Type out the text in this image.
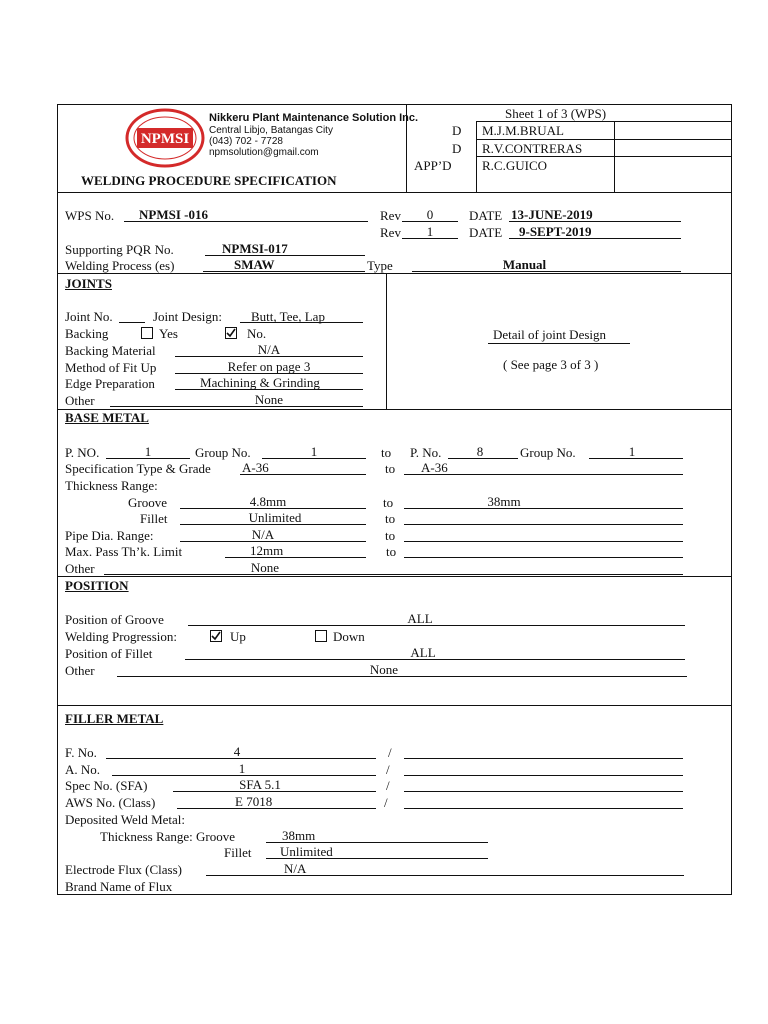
NPMSI
Nikkeru Plant Maintenance Solution Inc.
Central Libjo, Batangas City
(043) 702 - 7728
npmsolution@gmail.com
WELDING PROCEDURE SPECIFICATION
Sheet 1 of 3 (WPS)
D M.J.M.BRUAL
D R.V.CONTRERAS
APP’D R.C.GUICO
WPS No. NPMSI -016	Rev	0	DATE 13-JUNE-2019
Rev	1	DATE 9-SEPT-2019
Supporting PQR No.	NPMSI-017
Welding Process (es)	SMAW	Type	Manual
JOINTS
Joint No.	Joint Design: Butt, Tee, Lap
Backing	Yes	No.
Backing Material	N/A
Method of Fit Up	Refer on page 3
Edge Preparation	Machining & Grinding
Other	None
Detail of joint Design
( See page 3 of 3 )
BASE METAL
P. NO.	1	Group No.	1	to P. No.	8	Group No.	1
Specification Type & Grade A-36	to A-36
Thickness Range:
Groove	4.8mm	to	38mm
Fillet	Unlimited	to
Pipe Dia. Range:	N/A	to
Max. Pass Th’k. Limit	12mm	to
Other	None
POSITION
Position of Groove	ALL
Welding Progression:	Up	Down
Position of Fillet	ALL
Other	None
FILLER METAL
F. No.	4	/
A. No.	1	/
Spec No. (SFA)	SFA 5.1	/
AWS No. (Class)	E 7018	/
Deposited Weld Metal:
Thickness Range: Groove	38mm
Fillet Unlimited
Electrode Flux (Class)	N/A
Brand Name of Flux
